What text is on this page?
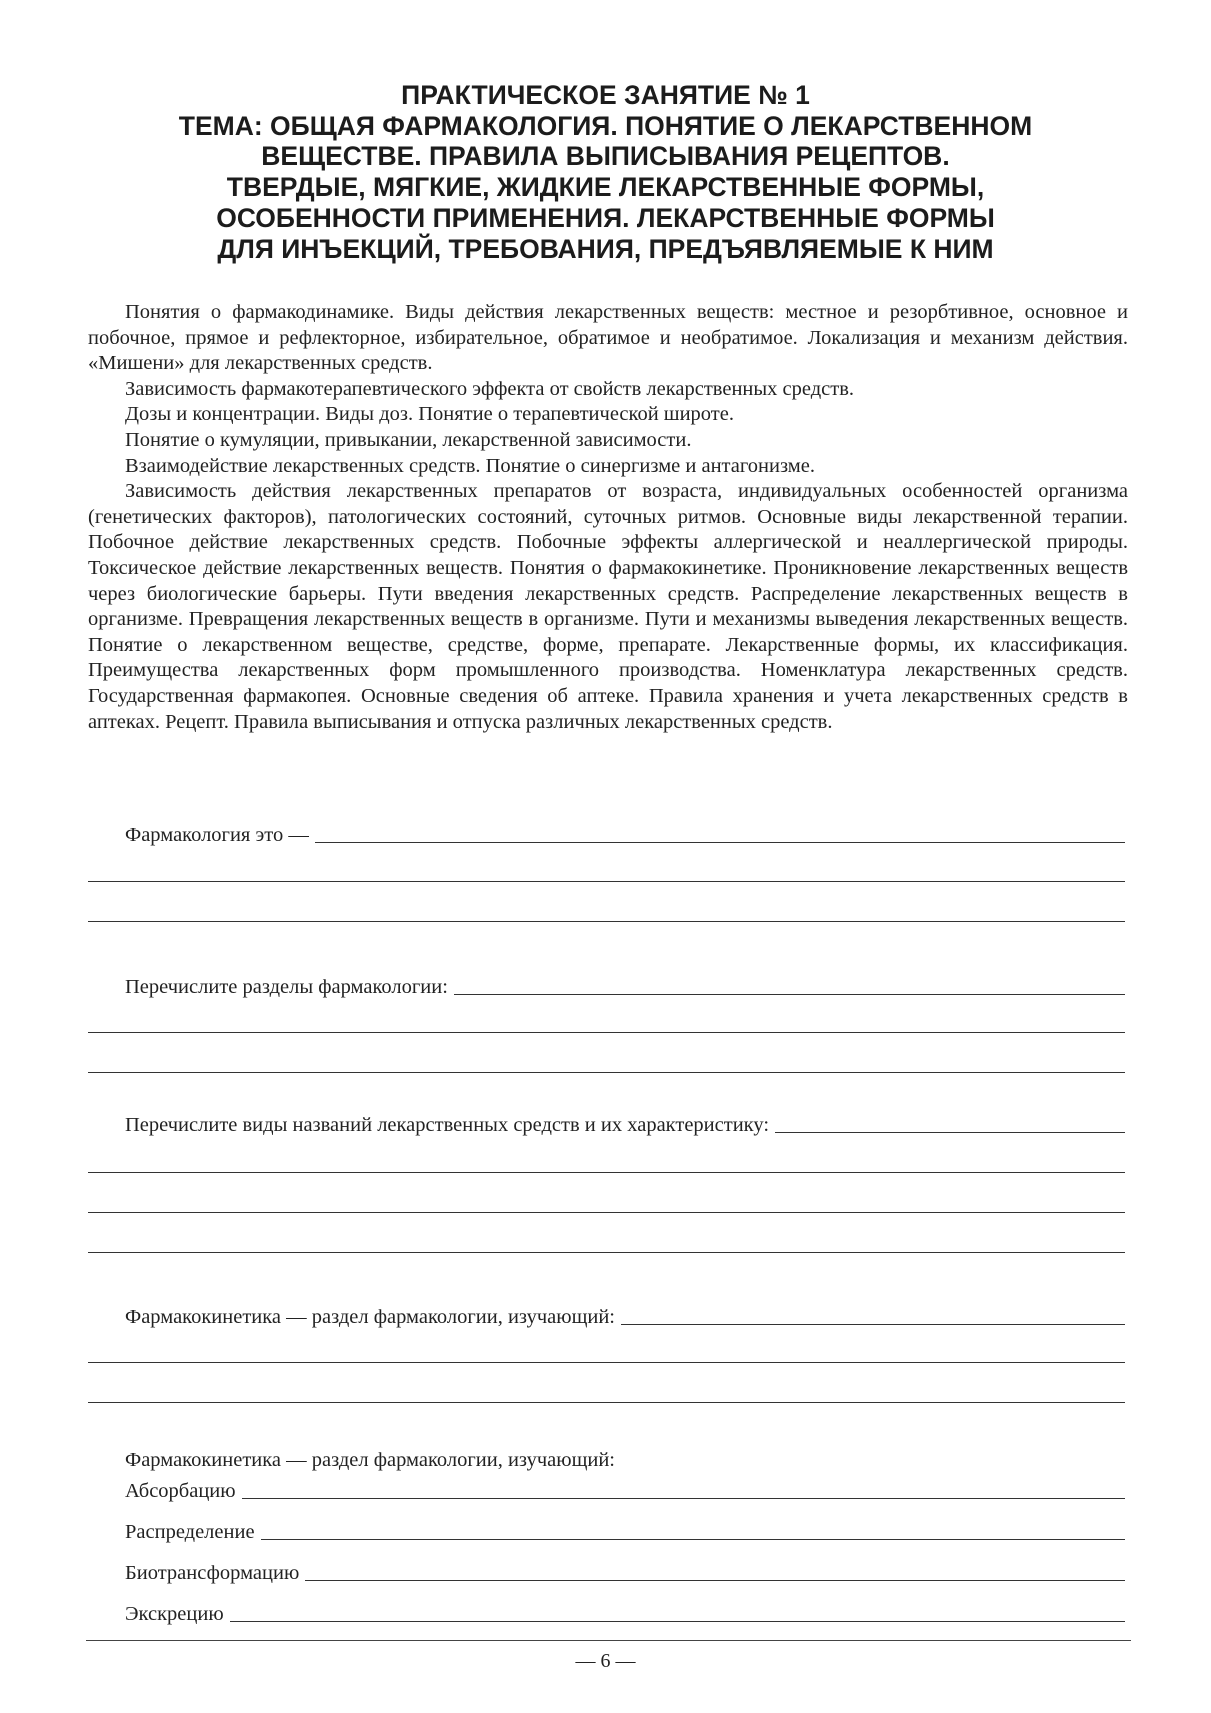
ПРАКТИЧЕСКОЕ ЗАНЯТИЕ № 1
ТЕМА: ОБЩАЯ ФАРМАКОЛОГИЯ. ПОНЯТИЕ О ЛЕКАРСТВЕННОМ
ВЕЩЕСТВЕ. ПРАВИЛА ВЫПИСЫВАНИЯ РЕЦЕПТОВ.
ТВЕРДЫЕ, МЯГКИЕ, ЖИДКИЕ ЛЕКАРСТВЕННЫЕ ФОРМЫ,
ОСОБЕННОСТИ ПРИМЕНЕНИЯ. ЛЕКАРСТВЕННЫЕ ФОРМЫ
ДЛЯ ИНЪЕКЦИЙ, ТРЕБОВАНИЯ, ПРЕДЪЯВЛЯЕМЫЕ К НИМ

Понятия о фармакодинамике. Виды действия лекарственных веществ: местное и резорбтивное, основное и побочное, прямое и рефлекторное, избирательное, обратимое и необратимое. Локализация и механизм действия. «Мишени» для лекарственных средств.

Зависимость фармакотерапевтического эффекта от свойств лекарственных средств.

Дозы и концентрации. Виды доз. Понятие о терапевтической широте.

Понятие о кумуляции, привыкании, лекарственной зависимости.

Взаимодействие лекарственных средств. Понятие о синергизме и антагонизме.

Зависимость действия лекарственных препаратов от возраста, индивидуальных особенностей организма (генетических факторов), патологических состояний, суточных ритмов. Основные виды лекарственной терапии. Побочное действие лекарственных средств. Побочные эффекты аллергической и неаллергической природы. Токсическое действие лекарственных веществ. Понятия о фармакокинетике. Проникновение лекарственных веществ через биологические барьеры. Пути введения лекарственных средств. Распределение лекарственных веществ в организме. Превращения лекарственных веществ в организме. Пути и механизмы выведения лекарственных веществ. Понятие о лекарственном веществе, средстве, форме, препарате. Лекарственные формы, их классификация. Преимущества лекарственных форм промышленного производства. Номенклатура лекарственных средств. Государственная фармакопея. Основные сведения об аптеке. Правила хранения и учета лекарственных средств в аптеках. Рецепт. Правила выписывания и отпуска различных лекарственных средств.

Фармакология это —
Перечислите разделы фармакологии:
Перечислите виды названий лекарственных средств и их характеристику:
Фармакокинетика — раздел фармакологии, изучающий:
Фармакокинетика — раздел фармакологии, изучающий:
Абсорбацию
Распределение
Биотрансформацию
Экскрецию
— 6 —
